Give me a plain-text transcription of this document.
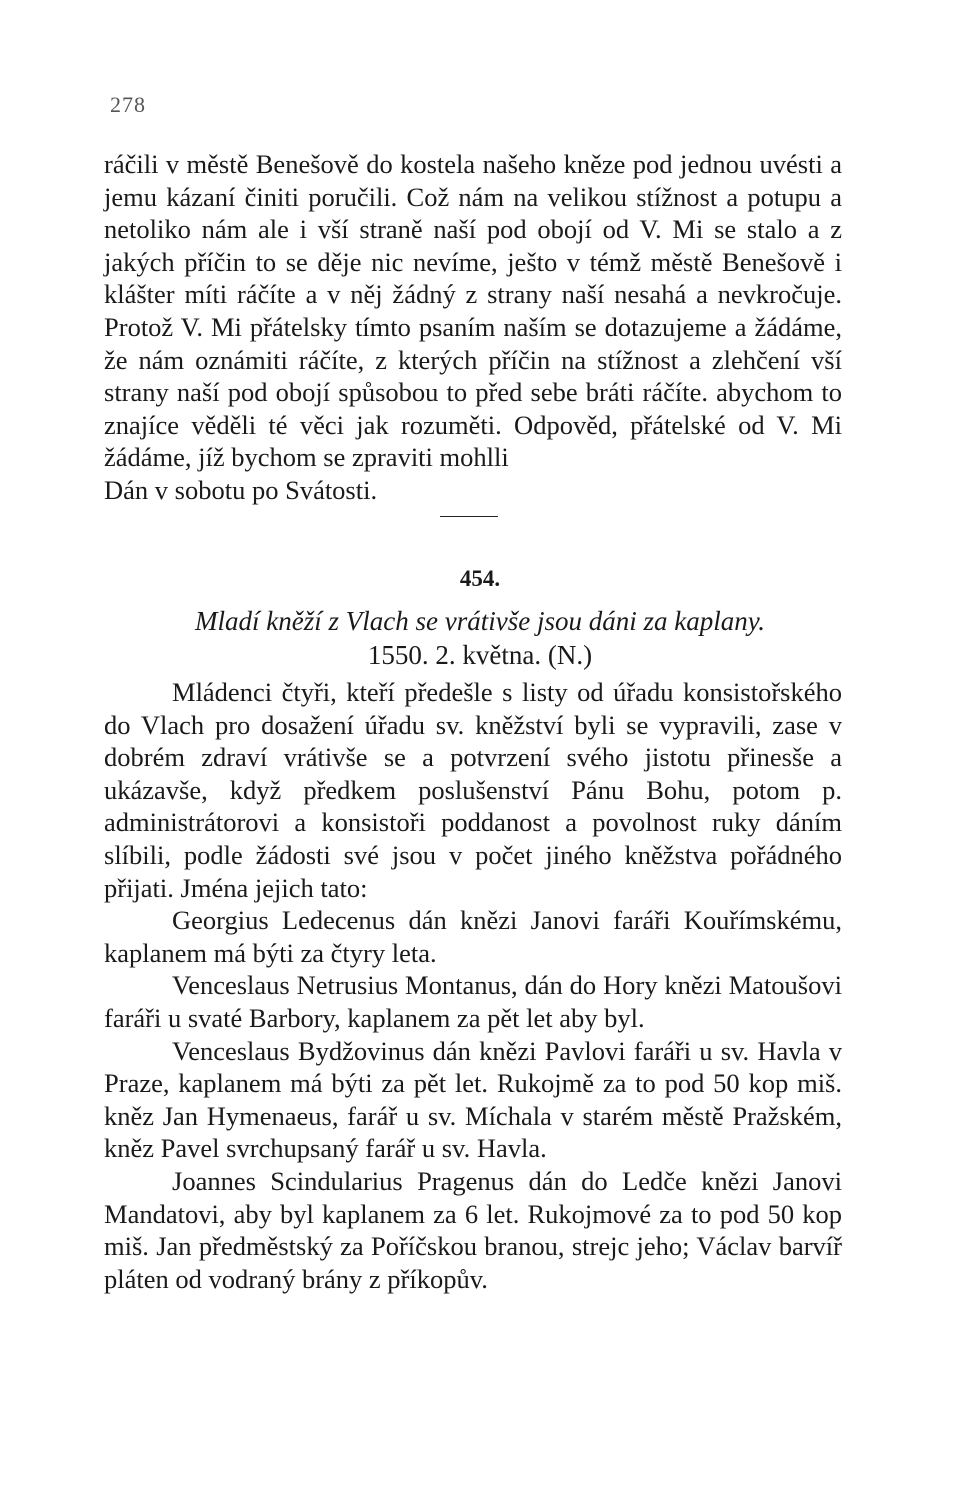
278

ráčili v městě Benešově do kostela našeho kněze pod jednou uvésti a jemu kázaní činiti poručili. Což nám na velikou stížnost a potupu a netoliko nám ale i vší straně naší pod obojí od V. Mi se stalo a z jakých příčin to se děje nic nevíme, ješto v témž městě Benešově i klášter míti ráčíte a v něj žádný z strany naší nesahá a nevkročuje. Protož V. Mi přátelsky tímto psaním naším se dotazujeme a žádáme, že nám oznámiti ráčíte, z kterých příčin na stížnost a zlehčení vší strany naší pod obojí spůsobou to před sebe bráti ráčíte. abychom to znajíce věděli té věci jak rozuměti. Odpověd, přátelské od V. Mi žádáme, jíž bychom se zpraviti mohlli

Dán v sobotu po Svátosti.

454.
Mladí kněží z Vlach se vrátivše jsou dáni za kaplany.
1550. 2. května. (N.)

Mládenci čtyři, kteří předešle s listy od úřadu konsistořského do Vlach pro dosažení úřadu sv. kněžství byli se vypravili, zase v dobrém zdraví vrátivše se a potvrzení svého jistotu přinesše a ukázavše, když předkem poslušenství Pánu Bohu, potom p. administrátorovi a konsistoři poddanost a povolnost ruky dáním slíbili, podle žádosti své jsou v počet jiného kněžstva pořádného přijati. Jména jejich tato:

Georgius Ledecenus dán knězi Janovi faráři Kouřímskému, kaplanem má býti za čtyry leta.

Venceslaus Netrusius Montanus, dán do Hory knězi Matoušovi faráři u svaté Barbory, kaplanem za pět let aby byl.

Venceslaus Bydžovinus dán knězi Pavlovi faráři u sv. Havla v Praze, kaplanem má býti za pět let. Rukojmě za to pod 50 kop miš. kněz Jan Hymenaeus, farář u sv. Míchala v starém městě Pražském, kněz Pavel svrchupsaný farář u sv. Havla.

Joannes Scindularius Pragenus dán do Ledče knězi Janovi Mandatovi, aby byl kaplanem za 6 let. Rukojmové za to pod 50 kop miš. Jan předměstský za Poříčskou branou, strejc jeho; Václav barvíř pláten od vodraný brány z příkopův.
